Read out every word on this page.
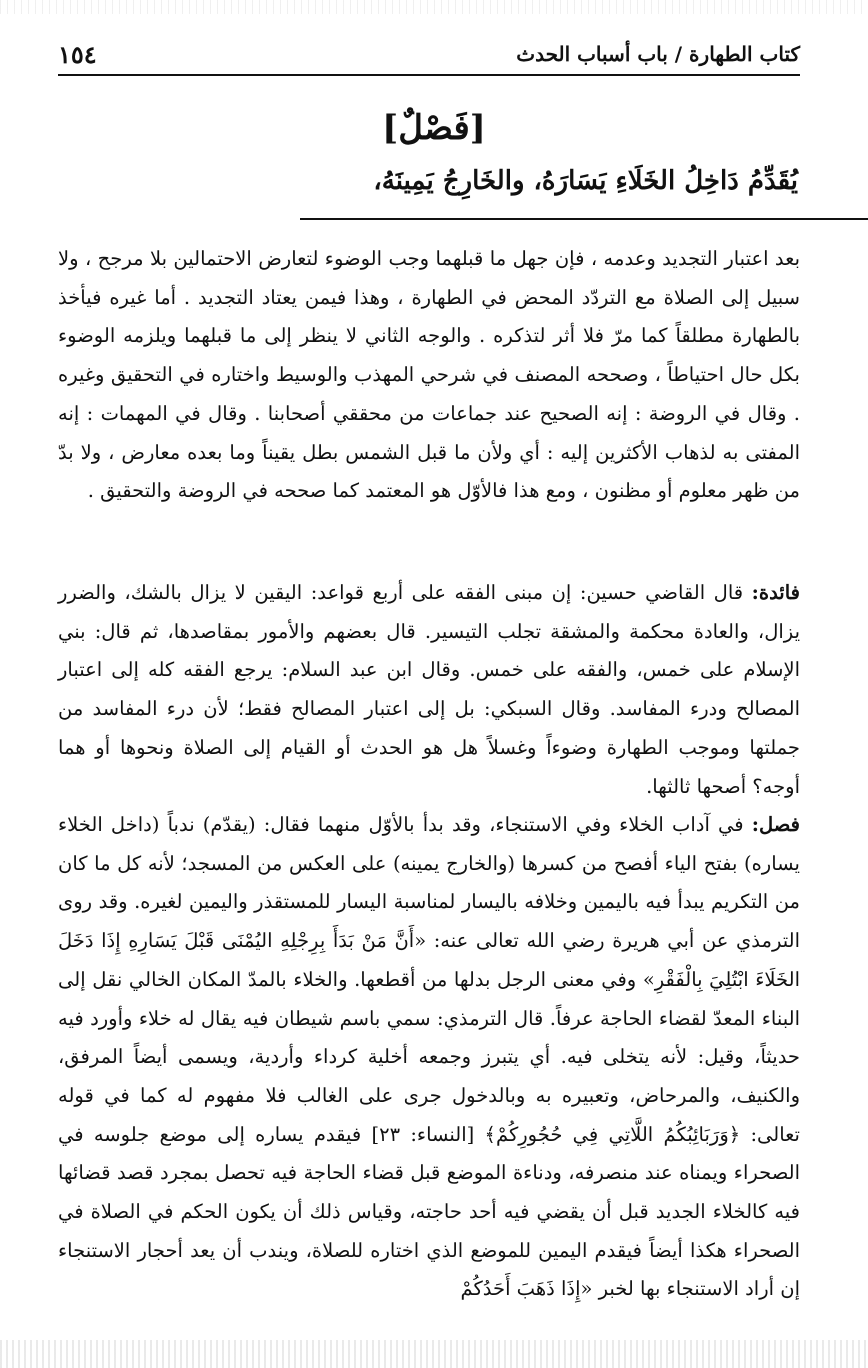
كتاب الطهارة / باب أسباب الحدث
١٥٤
[فَصْلٌ]
يُقَدِّمُ دَاخِلُ الخَلَاءِ يَسَارَهُ، والخَارِجُ يَمِينَهُ،

بعد اعتبار التجديد وعدمه ، فإن جهل ما قبلهما وجب الوضوء لتعارض الاحتمالين بلا مرجح ، ولا سبيل إلى الصلاة مع التردّد المحض في الطهارة ، وهذا فيمن يعتاد التجديد . أما غيره فيأخذ بالطهارة مطلقاً كما مرّ فلا أثر لتذكره . والوجه الثاني لا ينظر إلى ما قبلهما ويلزمه الوضوء بكل حال احتياطاً ، وصححه المصنف في شرحي المهذب والوسيط واختاره في التحقيق وغيره . وقال في الروضة : إنه الصحيح عند جماعات من محققي أصحابنا . وقال في المهمات : إنه المفتى به لذهاب الأكثرين إليه : أي ولأن ما قبل الشمس بطل يقيناً وما بعده معارض ، ولا بدّ من ظهر معلوم أو مظنون ، ومع هذا فالأوّل هو المعتمد كما صححه في الروضة والتحقيق .

فائدة: قال القاضي حسين: إن مبنى الفقه على أربع قواعد: اليقين لا يزال بالشك، والضرر يزال، والعادة محكمة والمشقة تجلب التيسير. قال بعضهم والأمور بمقاصدها، ثم قال: بني الإسلام على خمس، والفقه على خمس. وقال ابن عبد السلام: يرجع الفقه كله إلى اعتبار المصالح ودرء المفاسد. وقال السبكي: بل إلى اعتبار المصالح فقط؛ لأن درء المفاسد من جملتها وموجب الطهارة وضوءاً وغسلاً هل هو الحدث أو القيام إلى الصلاة ونحوها أو هما أوجه؟ أصحها ثالثها.

فصل: في آداب الخلاء وفي الاستنجاء، وقد بدأ بالأوّل منهما فقال: (يقدّم) ندباً (داخل الخلاء يساره) بفتح الياء أفصح من كسرها (والخارج يمينه) على العكس من المسجد؛ لأنه كل ما كان من التكريم يبدأ فيه باليمين وخلافه باليسار لمناسبة اليسار للمستقذر واليمين لغيره. وقد روى الترمذي عن أبي هريرة رضي الله تعالى عنه: «أَنَّ مَنْ بَدَأَ بِرِجْلِهِ اليُمْنَى قَبْلَ يَسَارِهِ إِذَا دَخَلَ الخَلَاءَ ابْتُلِيَ بِالْفَقْرِ» وفي معنى الرجل بدلها من أقطعها. والخلاء بالمدّ المكان الخالي نقل إلى البناء المعدّ لقضاء الحاجة عرفاً. قال الترمذي: سمي باسم شيطان فيه يقال له خلاء وأورد فيه حديثاً، وقيل: لأنه يتخلى فيه. أي يتبرز وجمعه أخلية كرداء وأردية، ويسمى أيضاً المرفق، والكنيف، والمرحاض، وتعبيره به وبالدخول جرى على الغالب فلا مفهوم له كما في قوله تعالى: ﴿وَرَبَائِبُكُمُ اللَّاتِي فِي حُجُورِكُمْ﴾ [النساء: ٢٣] فيقدم يساره إلى موضع جلوسه في الصحراء ويمناه عند منصرفه، ودناءة الموضع قبل قضاء الحاجة فيه تحصل بمجرد قصد قضائها فيه كالخلاء الجديد قبل أن يقضي فيه أحد حاجته، وقياس ذلك أن يكون الحكم في الصلاة في الصحراء هكذا أيضاً فيقدم اليمين للموضع الذي اختاره للصلاة، ويندب أن يعد أحجار الاستنجاء إن أراد الاستنجاء بها لخبر «إِذَا ذَهَبَ أَحَدُكُمْ
